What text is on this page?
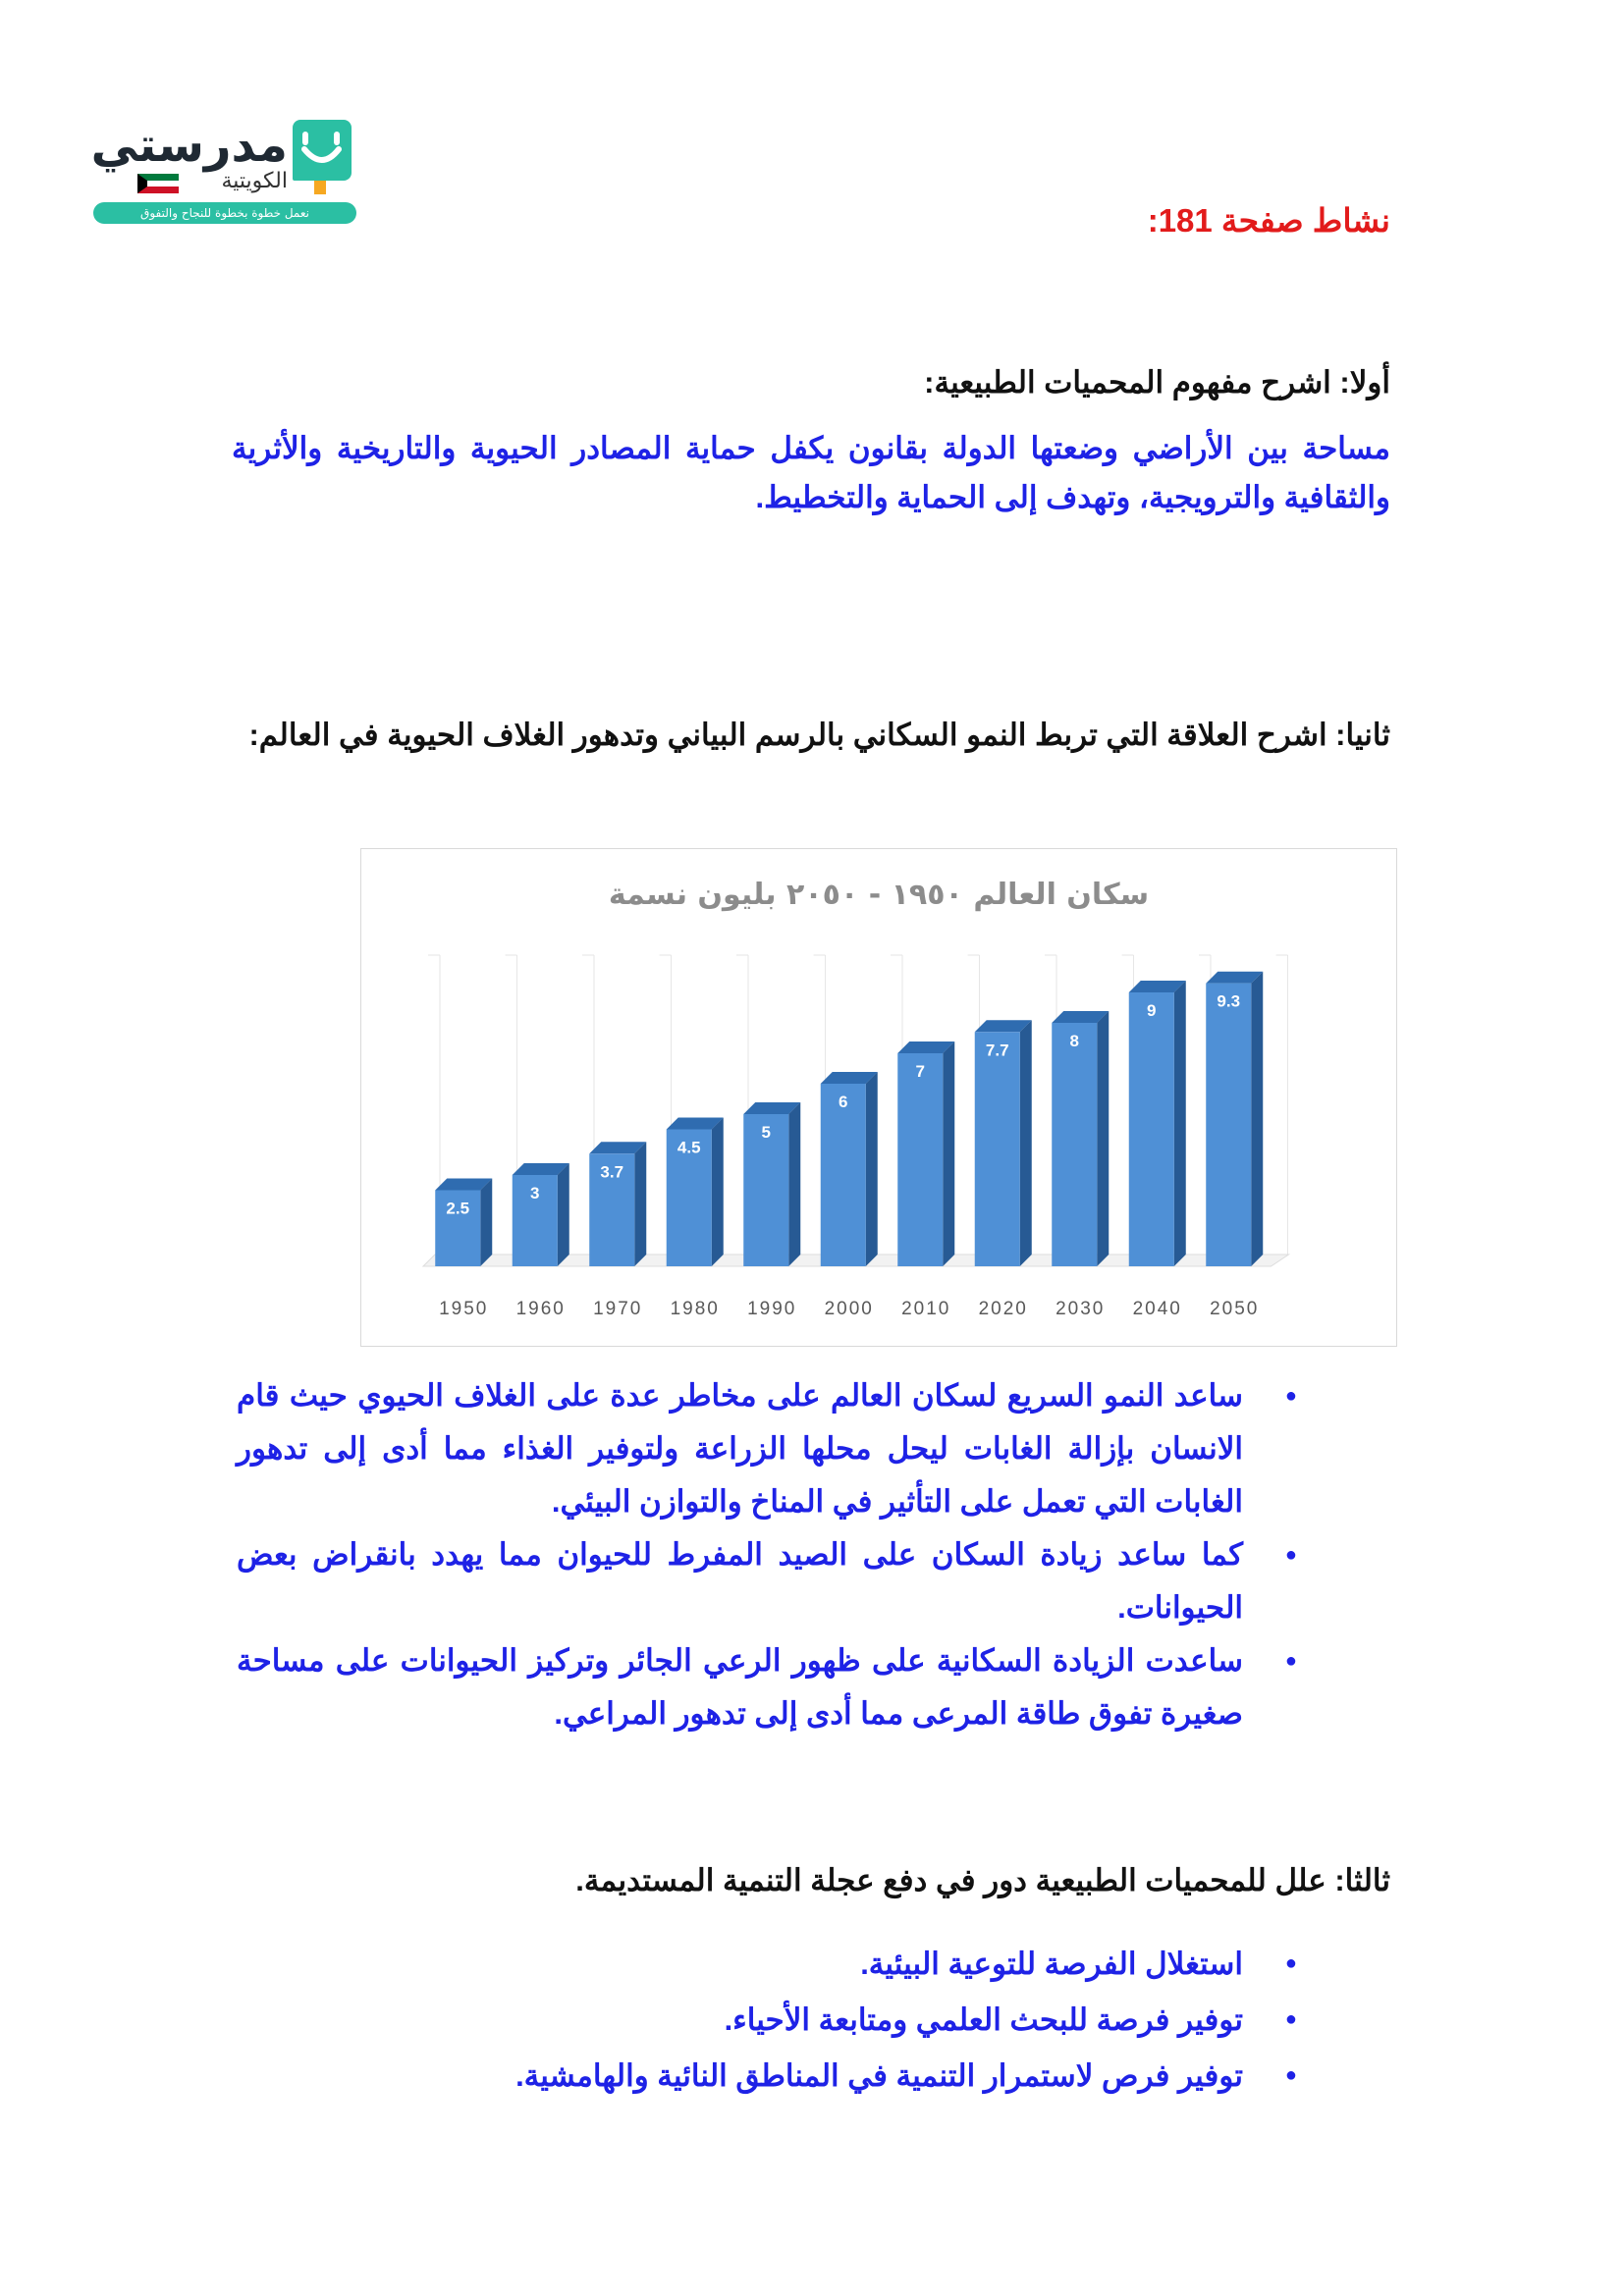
مدرستي
الكويتية
نعمل خطوة بخطوة للنجاح والتفوق	نشاط صفحة 181:
أولا: اشرح مفهوم المحميات الطبيعية:
مساحة بين الأراضي وضعتها الدولة بقانون يكفل حماية المصادر الحيوية والتاريخية والأثرية والثقافية والترويجية، وتهدف إلى الحماية والتخطيط.
ثانيا: اشرح العلاقة التي تربط النمو السكاني بالرسم البياني وتدهور الغلاف الحيوية في العالم:
سكان العالم ١٩٥٠ - ٢٠٥٠ بليون نسمة
2.5
1950
3
1960
3.7
1970
4.5
1980
5
1990
6
2000
7
2010
7.7
2020
8
2030
9
2040
9.3
2050
● ساعد النمو السريع لسكان العالم على مخاطر عدة على الغلاف الحيوي حيث قام الانسان بإزالة الغابات ليحل محلها الزراعة ولتوفير الغذاء مما أدى إلى تدهور الغابات التي تعمل على التأثير في المناخ والتوازن البيئي.
● كما ساعد زيادة السكان على الصيد المفرط للحيوان مما يهدد بانقراض بعض الحيوانات.
● ساعدت الزيادة السكانية على ظهور الرعي الجائر وتركيز الحيوانات على مساحة صغيرة تفوق طاقة المرعى مما أدى إلى تدهور المراعي.
ثالثا: علل للمحميات الطبيعية دور في دفع عجلة التنمية المستديمة.
● استغلال الفرصة للتوعية البيئية.
● توفير فرصة للبحث العلمي ومتابعة الأحياء.
● توفير فرص لاستمرار التنمية في المناطق النائية والهامشية.
